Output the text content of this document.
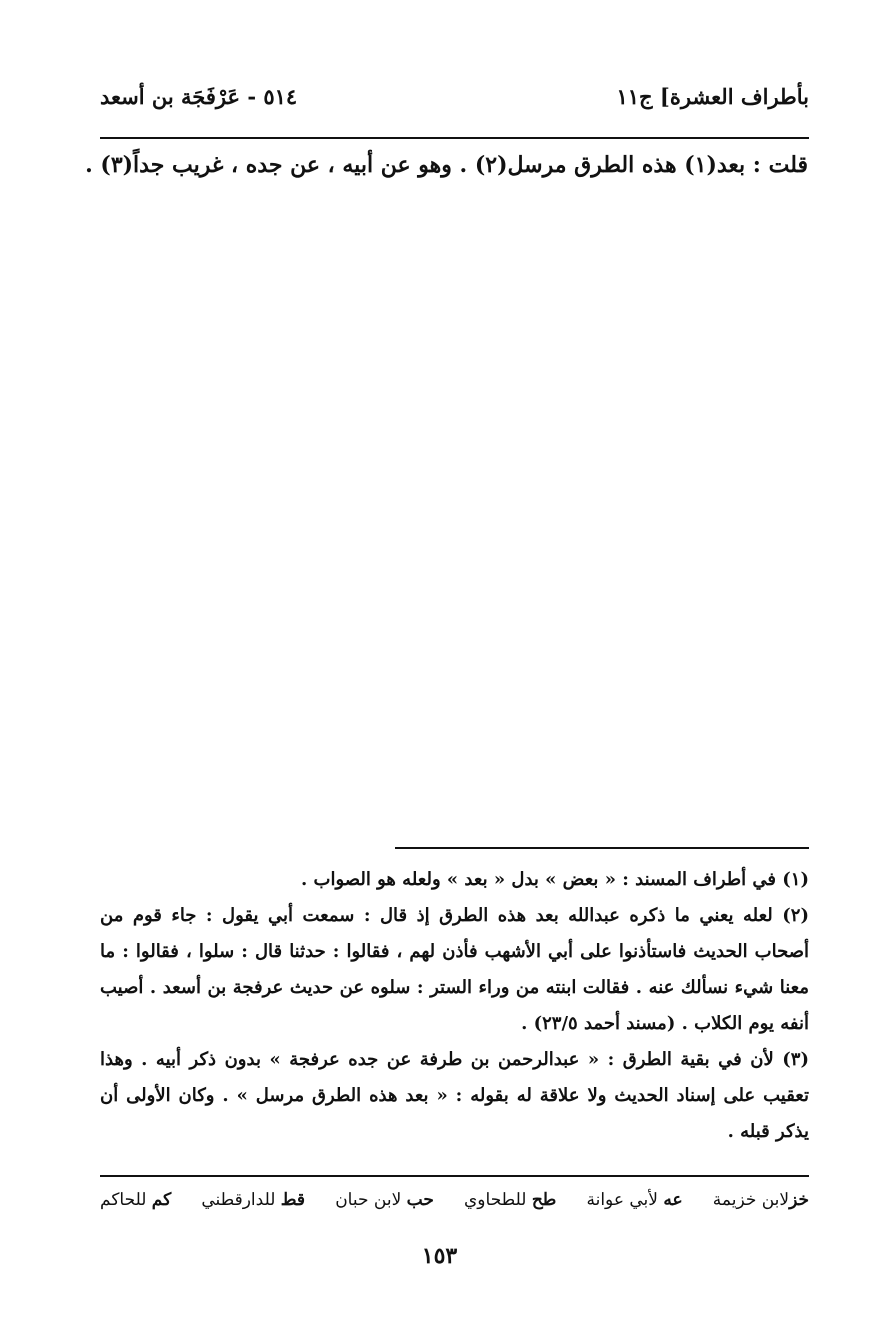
بأطراف العشرة] ج١١
٥١٤ - عَرْفَجَة بن أسعد
قلت : بعد(١) هذه الطرق مرسل(٢) . وهو عن أبيه ، عن جده ، غريب جداً(٣) .

(١) في أطراف المسند : « بعض » بدل « بعد » ولعله هو الصواب .

(٢) لعله يعني ما ذكره عبدالله بعد هذه الطرق إذ قال : سمعت أبي يقول : جاء قوم من أصحاب الحديث فاستأذنوا على أبي الأشهب فأذن لهم ، فقالوا : حدثنا قال : سلوا ، فقالوا : ما معنا شيء نسألك عنه . فقالت ابنته من وراء الستر : سلوه عن حديث عرفجة بن أسعد . أصيب أنفه يوم الكلاب . (مسند أحمد ٢٣/٥) .

(٣) لأن في بقية الطرق : « عبدالرحمن بن طرفة عن جده عرفجة » بدون ذكر أبيه . وهذا تعقيب على إسناد الحديث ولا علاقة له بقوله : « بعد هذه الطرق مرسل » . وكان الأولى أن يذكر قبله .

خزلابن خزيمة
عه لأبي عوانة
طح للطحاوي
حب لابن حبان
قط للدارقطني
كم للحاكم
١٥٣
